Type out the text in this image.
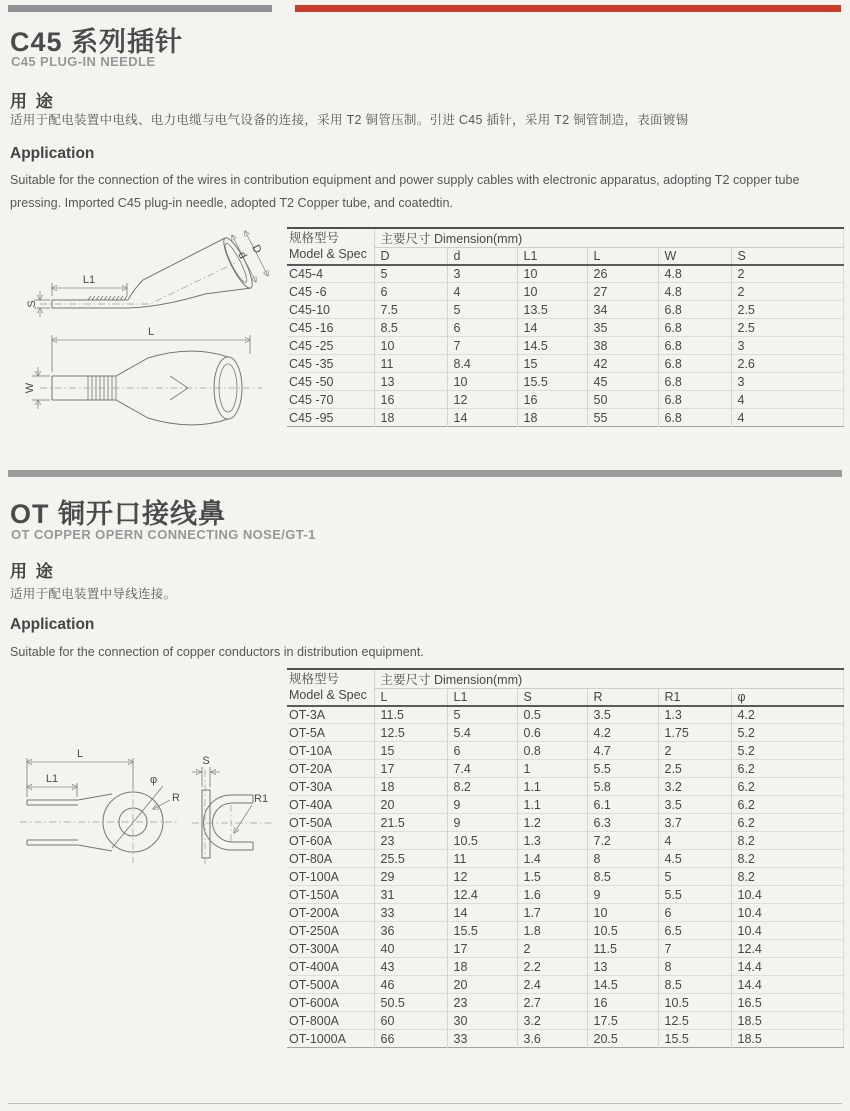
C45 系列插针
C45 PLUG-IN NEEDLE
用 途

适用于配电装置中电线、电力电缆与电气设备的连接，采用 T2 铜管压制。引进 C45 插针，采用 T2 铜管制造，表面镀锡

Application

Suitable for the connection of the wires in contribution equipment and power supply cables with electronic apparatus, adopting T2 copper tube pressing. Imported C45 plug-in needle, adopted T2 Copper tube, and coatedtin.

L1
S
d D
L
W
规格型号
Model & Spec	主要尺寸 Dimension(mm)					
	D	d	L1	L	W	S
C45-4	5	3	10	26	4.8	2
C45 -6	6	4	10	27	4.8	2
C45-10	7.5	5	13.5	34	6.8	2.5
C45 -16	8.5	6	14	35	6.8	2.5
C45 -25	10	7	14.5	38	6.8	3
C45 -35	11	8.4	15	42	6.8	2.6
C45 -50	13	10	15.5	45	6.8	3
C45 -70	16	12	16	50	6.8	4
C45 -95	18	14	18	55	6.8	4
OT 铜开口接线鼻
OT COPPER OPERN CONNECTING NOSE/GT-1
用 途

适用于配电装置中导线连接。

Application

Suitable for the connection of copper conductors in distribution equipment.

L
L1	φ
R
S
R1
规格型号
Model & Spec	主要尺寸 Dimension(mm)					
	L	L1	S	R	R1	φ
OT-3A	11.5	5	0.5	3.5	1.3	4.2
OT-5A	12.5	5.4	0.6	4.2	1.75	5.2
OT-10A	15	6	0.8	4.7	2	5.2
OT-20A	17	7.4	1	5.5	2.5	6.2
OT-30A	18	8.2	1.1	5.8	3.2	6.2
OT-40A	20	9	1.1	6.1	3.5	6.2
OT-50A	21.5	9	1.2	6.3	3.7	6.2
OT-60A	23	10.5	1.3	7.2	4	8.2
OT-80A	25.5	11	1.4	8	4.5	8.2
OT-100A	29	12	1.5	8.5	5	8.2
OT-150A	31	12.4	1.6	9	5.5	10.4
OT-200A	33	14	1.7	10	6	10.4
OT-250A	36	15.5	1.8	10.5	6.5	10.4
OT-300A	40	17	2	11.5	7	12.4
OT-400A	43	18	2.2	13	8	14.4
OT-500A	46	20	2.4	14.5	8.5	14.4
OT-600A	50.5	23	2.7	16	10.5	16.5
OT-800A	60	30	3.2	17.5	12.5	18.5
OT-1000A	66	33	3.6	20.5	15.5	18.5
